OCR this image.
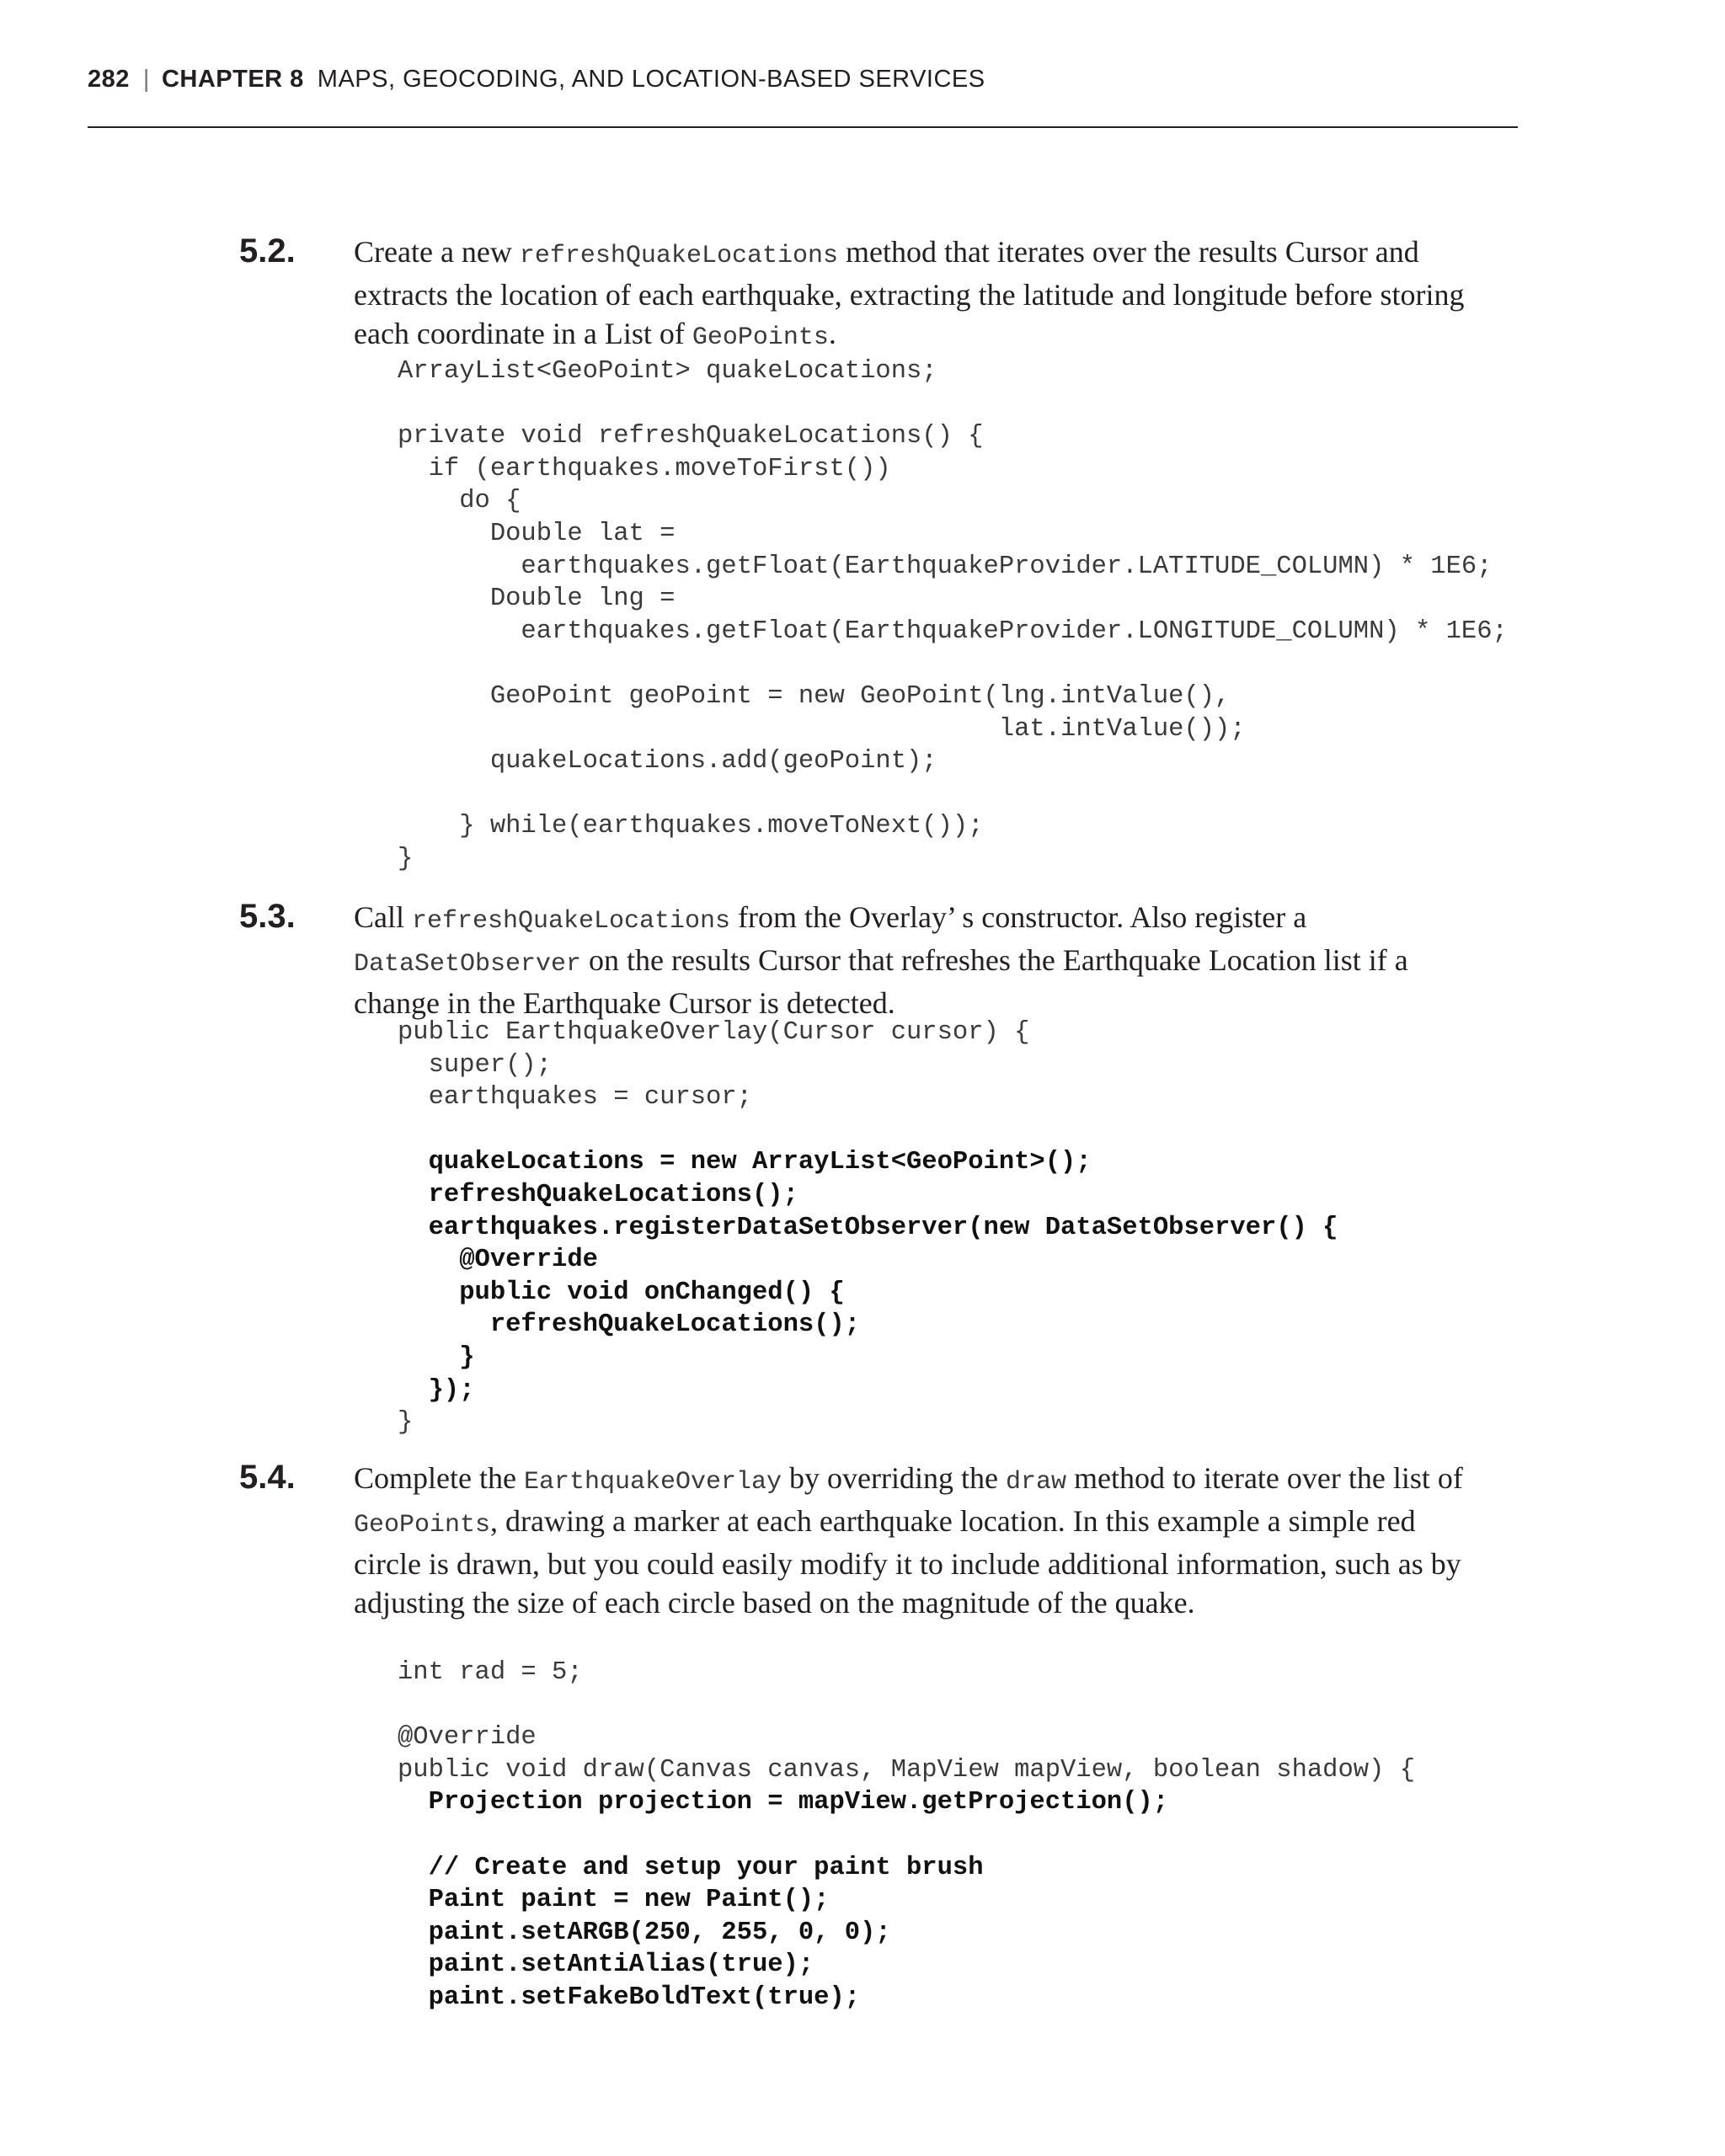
282 | CHAPTER 8 MAPS, GEOCODING, AND LOCATION-BASED SERVICES
5.2. Create a new refreshQuakeLocations method that iterates over the results Cursor and extracts the location of each earthquake, extracting the latitude and longitude before storing each coordinate in a List of GeoPoints.
ArrayList<GeoPoint> quakeLocations;
private void refreshQuakeLocations() {
if (earthquakes.moveToFirst())
do {
Double lat =
earthquakes.getFloat(EarthquakeProvider.LATITUDE_COLUMN) * 1E6;
Double lng =
earthquakes.getFloat(EarthquakeProvider.LONGITUDE_COLUMN) * 1E6;
GeoPoint geoPoint = new GeoPoint(lng.intValue(),
lat.intValue());
quakeLocations.add(geoPoint);
} while(earthquakes.moveToNext());
}
5.3. Call refreshQuakeLocations from the Overlay’ s constructor. Also register a DataSetObserver on the results Cursor that refreshes the Earthquake Location list if a change in the Earthquake Cursor is detected.
public EarthquakeOverlay(Cursor cursor) {
super();
earthquakes = cursor;
quakeLocations = new ArrayList<GeoPoint>();
refreshQuakeLocations();
earthquakes.registerDataSetObserver(new DataSetObserver() {
@Override
public void onChanged() {
refreshQuakeLocations();
}
});
}
5.4. Complete the EarthquakeOverlay by overriding the draw method to iterate over the list of GeoPoints, drawing a marker at each earthquake location. In this example a simple red circle is drawn, but you could easily modify it to include additional information, such as by adjusting the size of each circle based on the magnitude of the quake.
int rad = 5;
@Override
public void draw(Canvas canvas, MapView mapView, boolean shadow) {
Projection projection = mapView.getProjection();
// Create and setup your paint brush
Paint paint = new Paint();
paint.setARGB(250, 255, 0, 0);
paint.setAntiAlias(true);
paint.setFakeBoldText(true);
